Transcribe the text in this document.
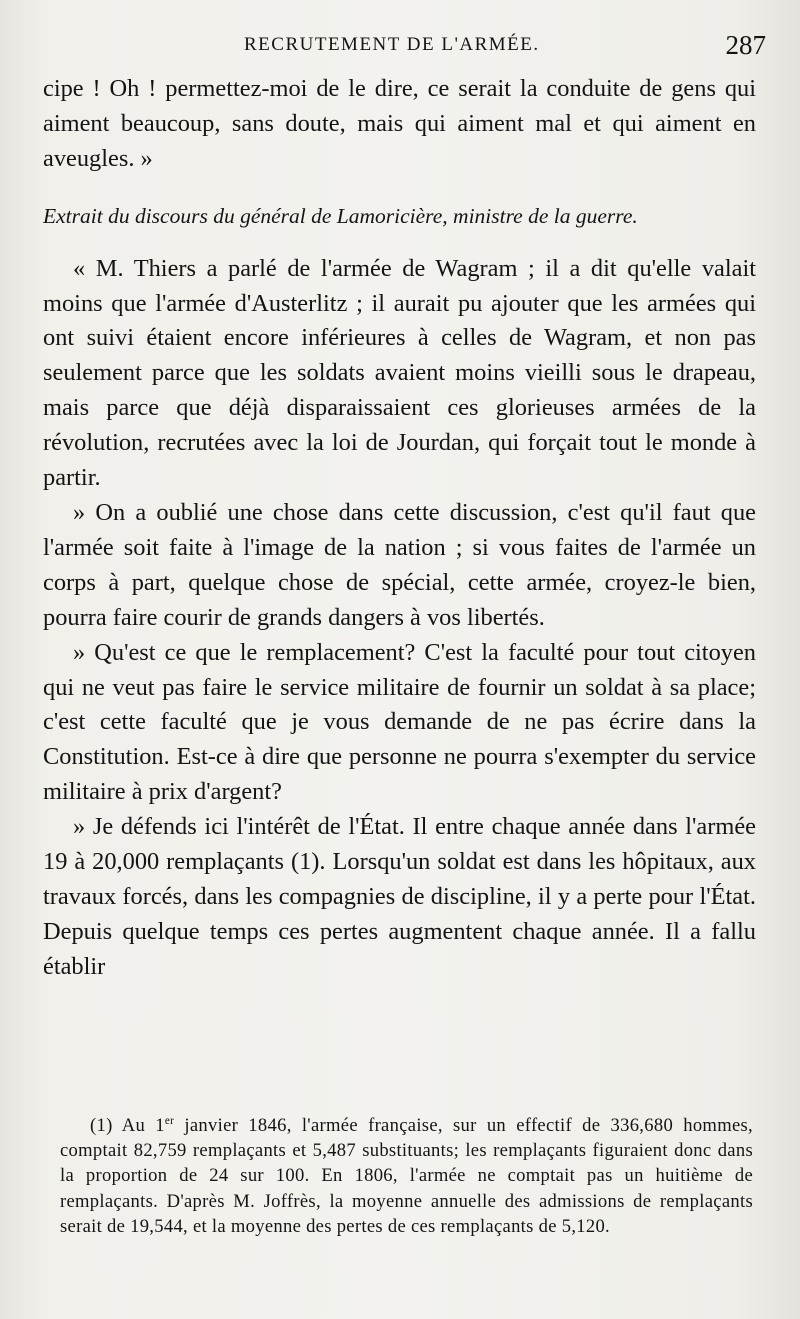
RECRUTEMENT DE L'ARMÉE.	287

cipe ! Oh ! permettez-moi de le dire, ce serait la conduite de gens qui aiment beaucoup, sans doute, mais qui aiment mal et qui aiment en aveugles. »

Extrait du discours du général de Lamoricière, ministre de la guerre.

« M. Thiers a parlé de l'armée de Wagram ; il a dit qu'elle valait moins que l'armée d'Austerlitz ; il aurait pu ajouter que les armées qui ont suivi étaient encore inférieures à celles de Wagram, et non pas seulement parce que les soldats avaient moins vieilli sous le drapeau, mais parce que déjà disparaissaient ces glorieuses armées de la révolution, recrutées avec la loi de Jourdan, qui forçait tout le monde à partir.

» On a oublié une chose dans cette discussion, c'est qu'il faut que l'armée soit faite à l'image de la nation ; si vous faites de l'armée un corps à part, quelque chose de spécial, cette armée, croyez-le bien, pourra faire courir de grands dangers à vos libertés.

» Qu'est ce que le remplacement? C'est la faculté pour tout citoyen qui ne veut pas faire le service militaire de fournir un soldat à sa place; c'est cette faculté que je vous demande de ne pas écrire dans la Constitution. Est-ce à dire que personne ne pourra s'exempter du service militaire à prix d'argent?

» Je défends ici l'intérêt de l'État. Il entre chaque année dans l'armée 19 à 20,000 remplaçants (1). Lorsqu'un soldat est dans les hôpitaux, aux travaux forcés, dans les compagnies de discipline, il y a perte pour l'État. Depuis quelque temps ces pertes augmentent chaque année. Il a fallu établir

(1) Au 1er janvier 1846, l'armée française, sur un effectif de 336,680 hommes, comptait 82,759 remplaçants et 5,487 substituants; les remplaçants figuraient donc dans la proportion de 24 sur 100. En 1806, l'armée ne comptait pas un huitième de remplaçants. D'après M. Joffrès, la moyenne annuelle des admissions de remplaçants serait de 19,544, et la moyenne des pertes de ces remplaçants de 5,120.
